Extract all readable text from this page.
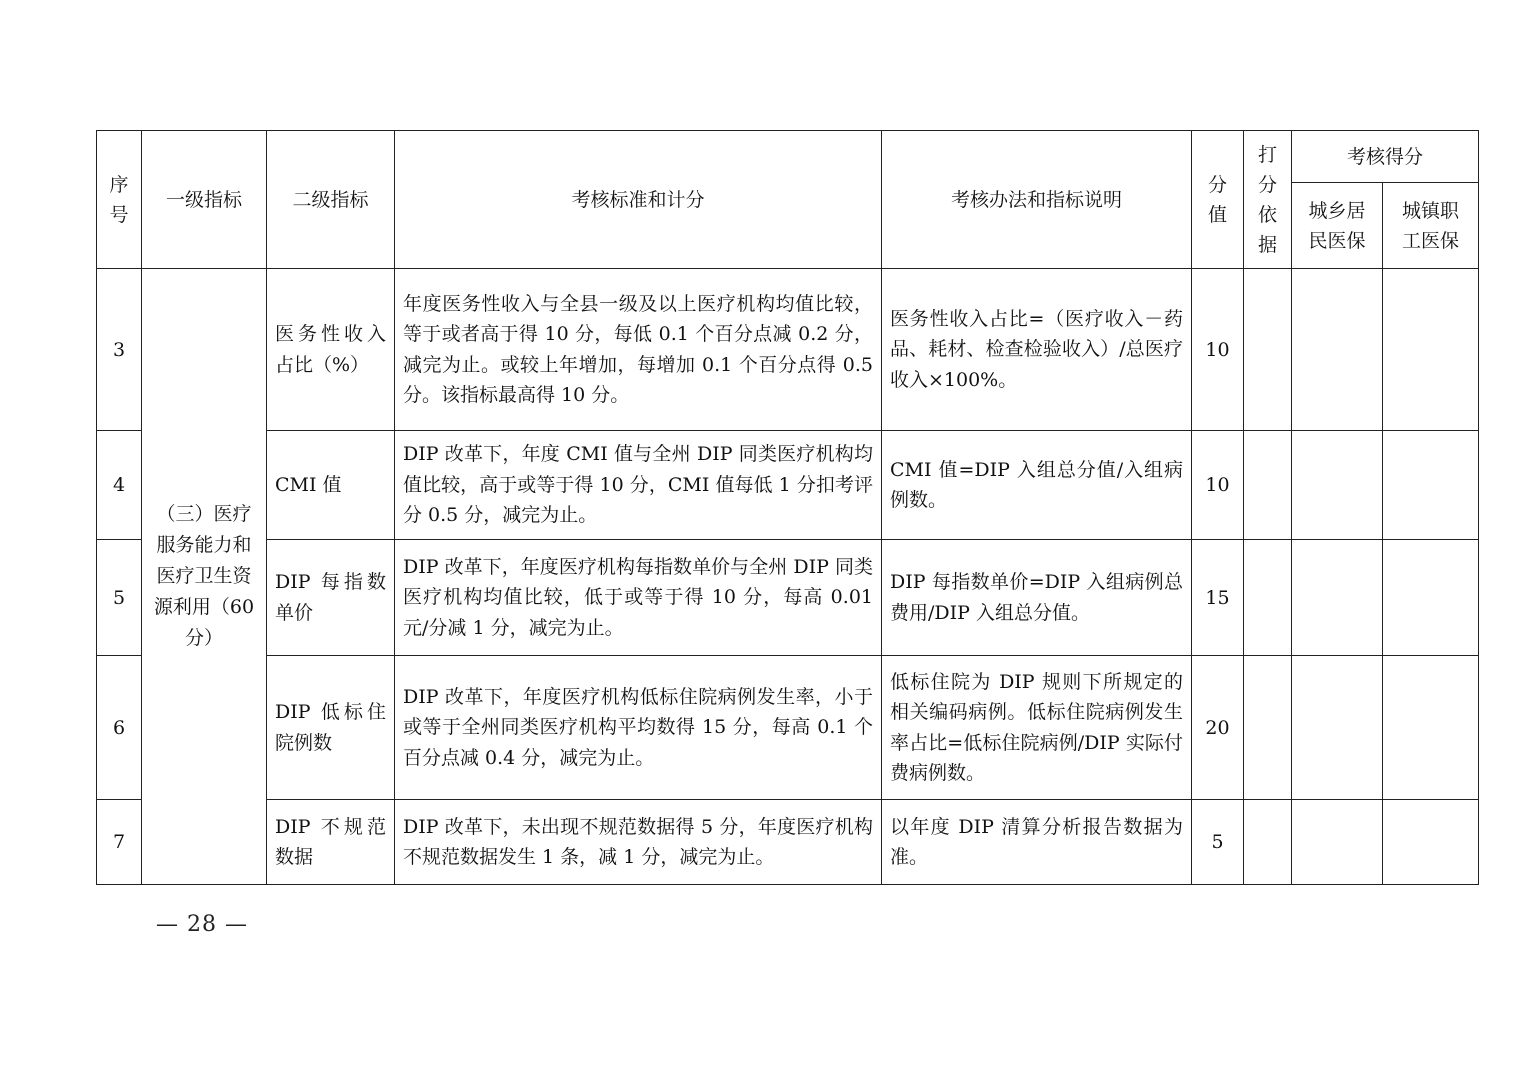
序号	一级指标	二级指标	考核标准和计分	考核办法和指标说明	分值	打分依据	考核得分	

							城乡居民医保	城镇职工医保

3	（三）医疗服务能力和医疗卫生资源利用（60分）	医务性收入占比（%）	年度医务性收入与全县一级及以上医疗机构均值比较，等于或者高于得 10 分，每低 0.1 个百分点减 0.2 分，减完为止。或较上年增加，每增加 0.1 个百分点得 0.5 分。该指标最高得 10 分。	医务性收入占比=（医疗收入－药品、耗材、检查检验收入）/总医疗收入×100%。	10			
4		CMI 值	DIP 改革下，年度 CMI 值与全州 DIP 同类医疗机构均值比较，高于或等于得 10 分，CMI 值每低 1 分扣考评分 0.5 分，减完为止。	CMI 值=DIP 入组总分值/入组病例数。	10			
5		DIP 每指数单价	DIP 改革下，年度医疗机构每指数单价与全州 DIP 同类医疗机构均值比较，低于或等于得 10 分，每高 0.01 元/分减 1 分，减完为止。	DIP 每指数单价=DIP 入组病例总费用/DIP 入组总分值。	15			
6		DIP 低标住院例数	DIP 改革下，年度医疗机构低标住院病例发生率，小于或等于全州同类医疗机构平均数得 15 分，每高 0.1 个百分点减 0.4 分，减完为止。	低标住院为 DIP 规则下所规定的相关编码病例。低标住院病例发生率占比=低标住院病例/DIP 实际付费病例数。	20			
7		DIP 不规范数据	DIP 改革下，未出现不规范数据得 5 分，年度医疗机构不规范数据发生 1 条，减 1 分，减完为止。	以年度 DIP 清算分析报告数据为准。	5			
— 28 —
